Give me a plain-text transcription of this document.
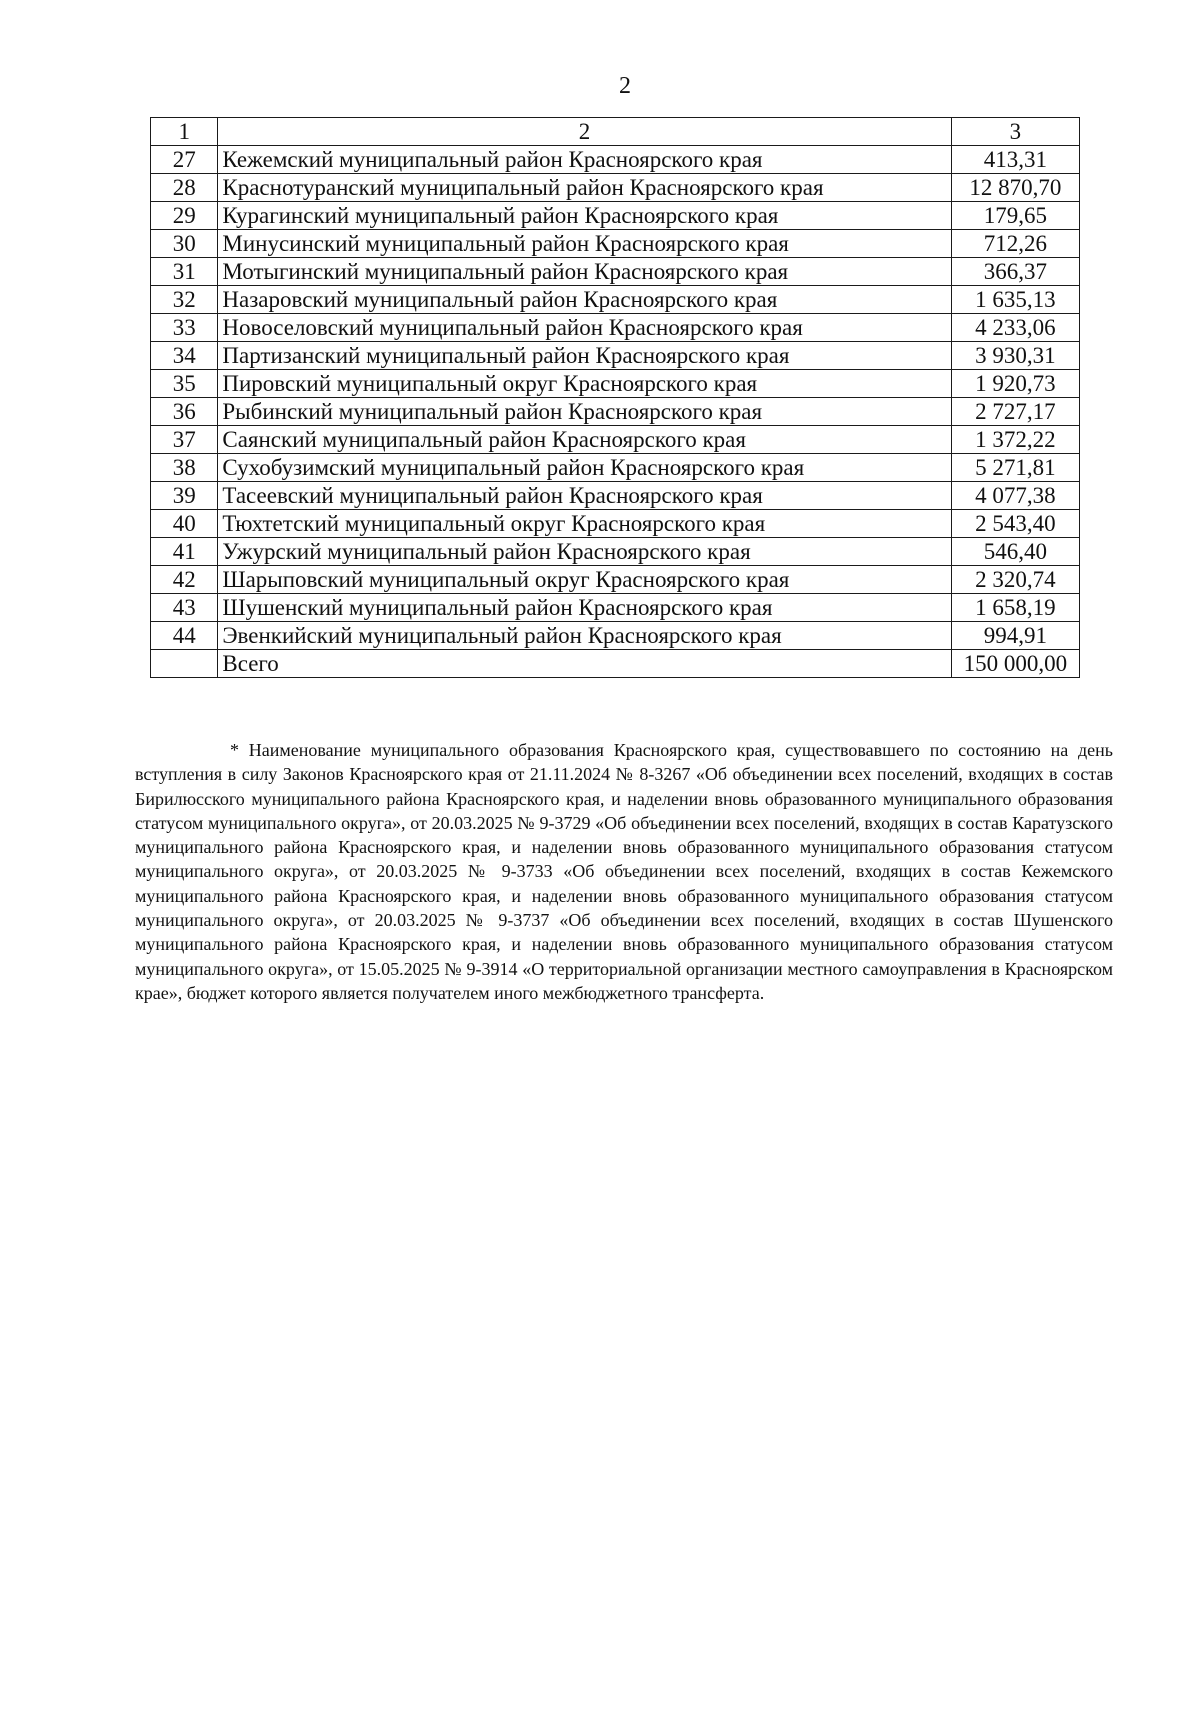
2
1	2	3
27	Кежемский муниципальный район Красноярского края	413,31
28	Краснотуранский муниципальный район Красноярского края	12 870,70
29	Курагинский муниципальный район Красноярского края	179,65
30	Минусинский муниципальный район Красноярского края	712,26
31	Мотыгинский муниципальный район Красноярского края	366,37
32	Назаровский муниципальный район Красноярского края	1 635,13
33	Новоселовский муниципальный район Красноярского края	4 233,06
34	Партизанский муниципальный район Красноярского края	3 930,31
35	Пировский муниципальный округ Красноярского края	1 920,73
36	Рыбинский муниципальный район Красноярского края	2 727,17
37	Саянский муниципальный район Красноярского края	1 372,22
38	Сухобузимский муниципальный район Красноярского края	5 271,81
39	Тасеевский муниципальный район Красноярского края	4 077,38
40	Тюхтетский муниципальный округ Красноярского края	2 543,40
41	Ужурский муниципальный район Красноярского края	546,40
42	Шарыповский муниципальный округ Красноярского края	2 320,74
43	Шушенский муниципальный район Красноярского края	1 658,19
44	Эвенкийский муниципальный район Красноярского края	994,91
	Всего	150 000,00

* Наименование муниципального образования Красноярского края, существовавшего по состоянию на день вступления в силу Законов Красноярского края от 21.11.2024 № 8-3267 «Об объединении всех поселений, входящих в состав Бирилюсского муниципального района Красноярского края, и наделении вновь образованного муниципального образования статусом муниципального округа», от 20.03.2025 № 9-3729 «Об объединении всех поселений, входящих в состав Каратузского муниципального района Красноярского края, и наделении вновь образованного муниципального образования статусом муниципального округа», от 20.03.2025 № 9-3733 «Об объединении всех поселений, входящих в состав Кежемского муниципального района Красноярского края, и наделении вновь образованного муниципального образования статусом муниципального округа», от 20.03.2025 № 9-3737 «Об объединении всех поселений, входящих в состав Шушенского муниципального района Красноярского края, и наделении вновь образованного муниципального образования статусом муниципального округа», от 15.05.2025 № 9-3914 «О территориальной организации местного самоуправления в Красноярском крае», бюджет которого является получателем иного межбюджетного трансферта.
